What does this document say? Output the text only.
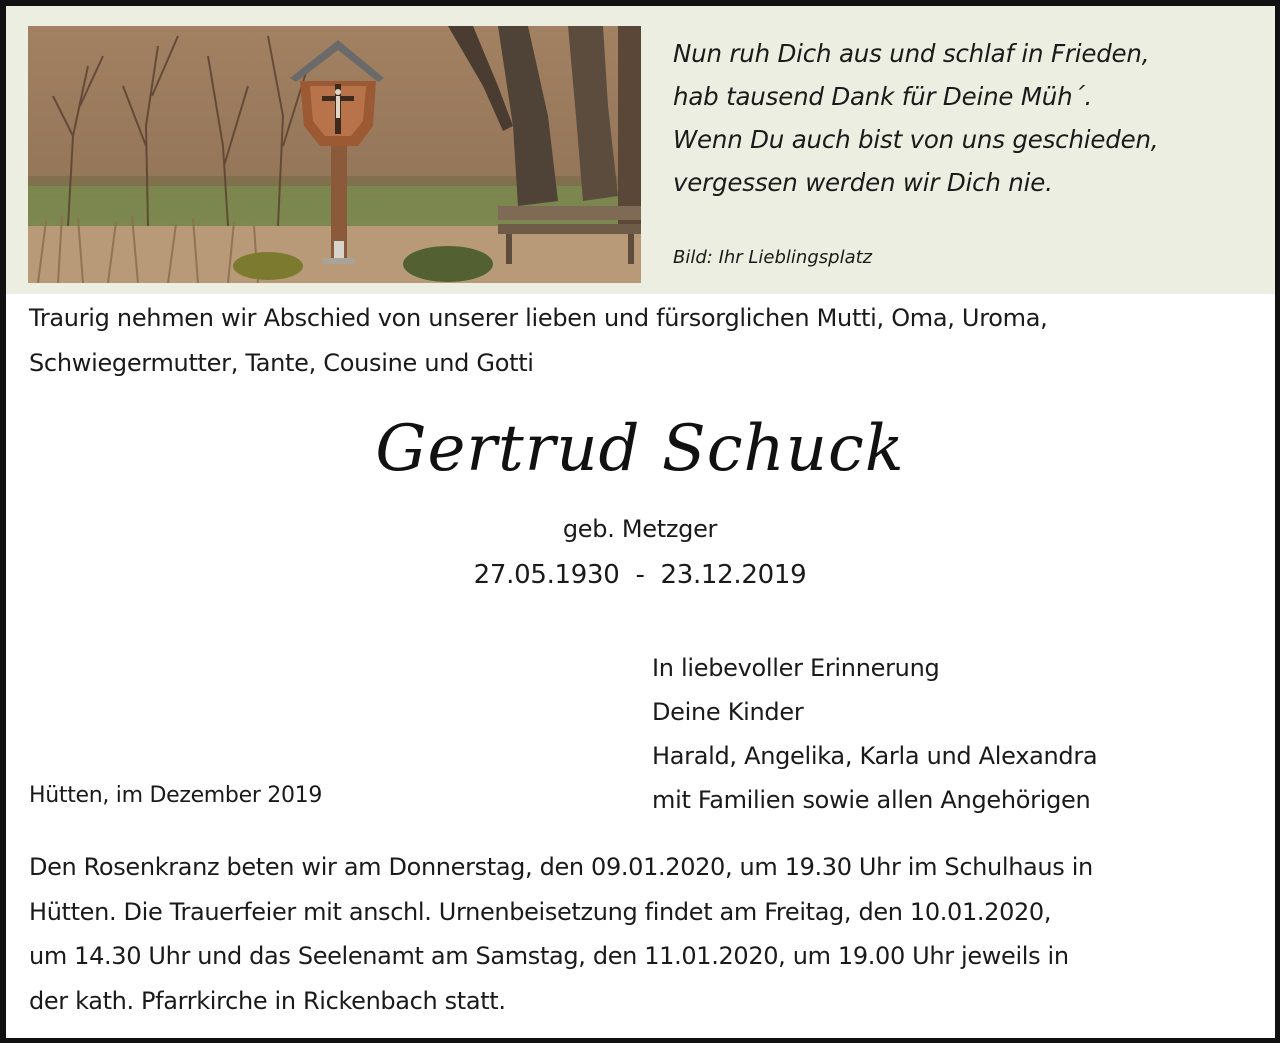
Nun ruh Dich aus und schlaf in Frieden,
hab tausend Dank für Deine Müh´.
Wenn Du auch bist von uns geschieden,
vergessen werden wir Dich nie.
Bild: Ihr Lieblingsplatz
Traurig nehmen wir Abschied von unserer lieben und fürsorglichen Mutti, Oma, Uroma,
Schwiegermutter, Tante, Cousine und Gotti
Gertrud Schuck
geb. Metzger
27.05.1930  -  23.12.2019
Hütten, im Dezember 2019
In liebevoller Erinnerung
Deine Kinder
Harald, Angelika, Karla und Alexandra
mit Familien sowie allen Angehörigen
Den Rosenkranz beten wir am Donnerstag, den 09.01.2020, um 19.30 Uhr im Schulhaus in
Hütten. Die Trauerfeier mit anschl. Urnenbeisetzung findet am Freitag, den 10.01.2020,
um 14.30 Uhr und das Seelenamt am Samstag, den 11.01.2020, um 19.00 Uhr jeweils in
der kath. Pfarrkirche in Rickenbach statt.
